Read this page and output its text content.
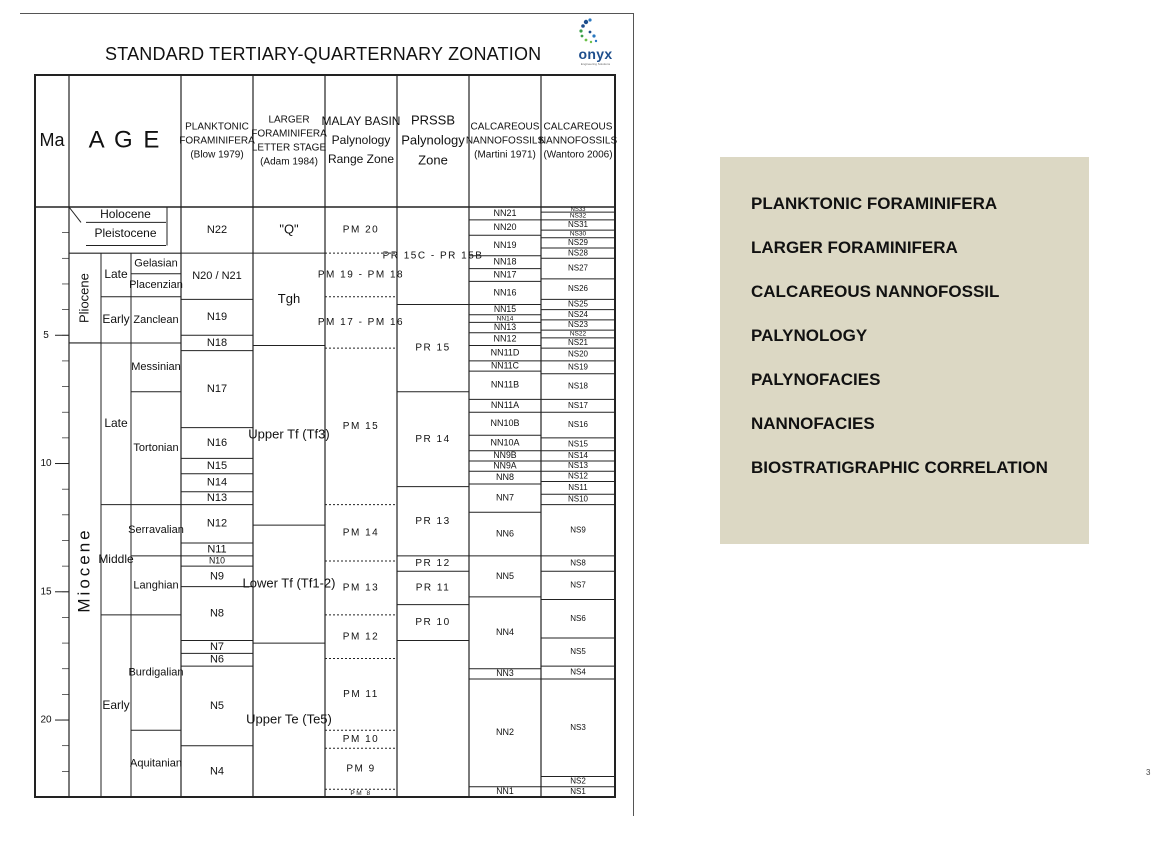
STANDARD TERTIARY-QUARTERNARY ZONATION	onyx
Engineering Solutions
Ma A G E PLANKTONIC
FORAMINIFERA
(Blow 1979)
LARGER
FORAMINIFERA
LETTER STAGE
(Adam 1984)
MALAY BASIN
Palynology
Range Zone
PRSSB
Palynology
Zone
CALCAREOUS
NANNOFOSSILS
(Martini 1971)
CALCAREOUS
NANNOFOSSILS
(Wantoro 2006)
5
10
15
20
Holocene
Pleistocene
Pliocene
Miocene
Late
Early
Late
Middle
Early
Gelasian
Placenzian
Zanclean
Messinian
Tortonian
Serravalian
Langhian
Burdigalian
Aquitanian
N22
N20 / N21
N19
N18
N17
N16
N15
N14
N13
N12
N11
N10
N9
N8
N7
N6
N5
N4
"Q"
Tgh
Upper Tf (Tf3)
Lower Tf (Tf1-2)
Upper Te (Te5)
PM 20
PM 19 - PM 18
PM 17 - PM 16
PM 15
PM 14
PM 13
PM 12
PM 11
PM 10
PM 9
PM 8
PR 15C - PR 15B
PR 15
PR 14
PR 13
PR 12
PR 11
PR 10
NN21
NN20
NN19
NN18
NN17
NN16
NN15
NN14
NN13
NN12
NN11D
NN11C
NN11B
NN11A
NN10B
NN10A
NN9B
NN9A
NN8
NN7
NN6
NN5
NN4
NN3
NN2
NN1
NS33
NS32
NS31
NS30
NS29
NS28
NS27
NS26
NS25
NS24
NS23
NS22
NS21
NS20
NS19
NS18
NS17
NS16
NS15
NS14
NS13
NS12
NS11
NS10
NS9
NS8
NS7
NS6
NS5
NS4
NS3
NS2
NS1
PLANKTONIC FORAMINIFERA
LARGER FORAMINIFERA
CALCAREOUS NANNOFOSSIL
PALYNOLOGY
PALYNOFACIES
NANNOFACIES
BIOSTRATIGRAPHIC CORRELATION
3
